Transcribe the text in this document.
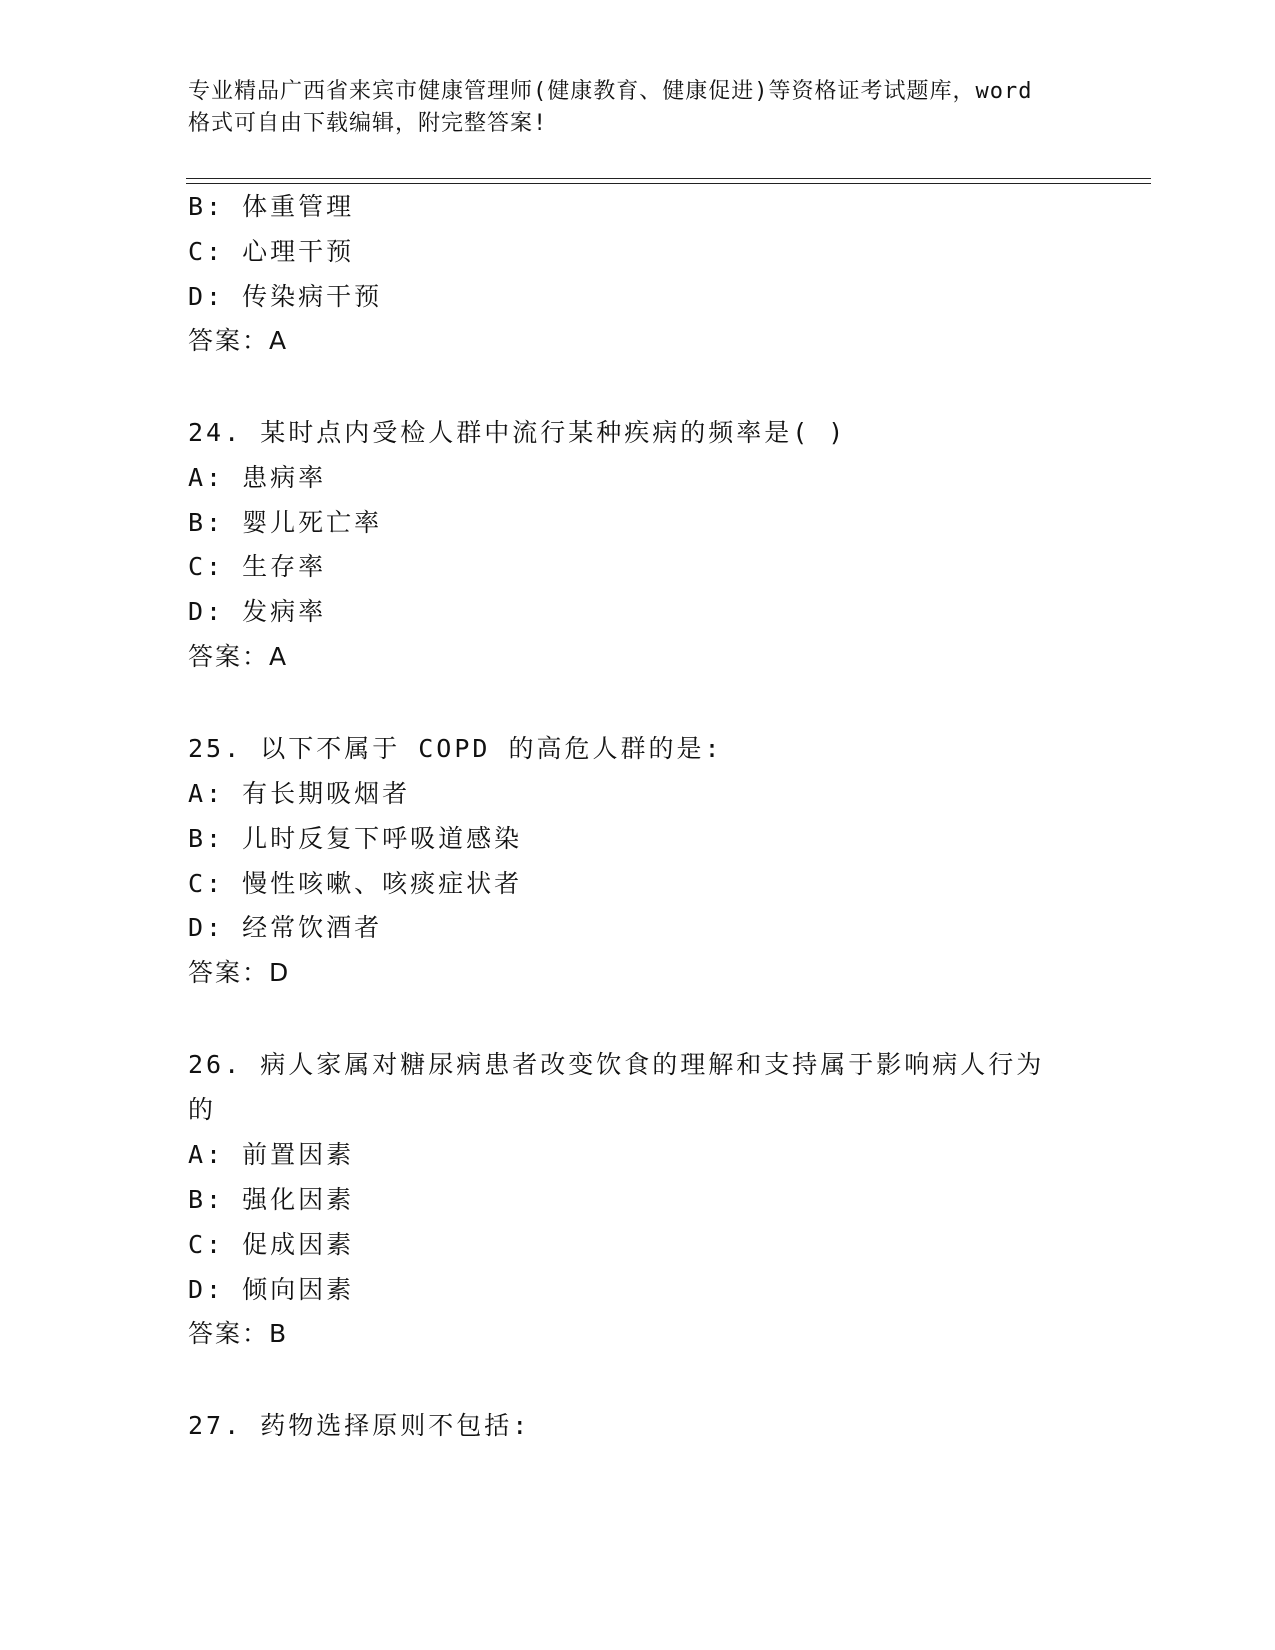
专业精品广西省来宾市健康管理师(健康教育、健康促进)等资格证考试题库，word
格式可自由下载编辑，附完整答案!
B: 体重管理
C: 心理干预
D: 传染病干预
答案：A
24. 某时点内受检人群中流行某种疾病的频率是( )
A: 患病率
B: 婴儿死亡率
C: 生存率
D: 发病率
答案：A
25. 以下不属于 COPD 的高危人群的是:
A: 有长期吸烟者
B: 儿时反复下呼吸道感染
C: 慢性咳嗽、咳痰症状者
D: 经常饮酒者
答案：D
26. 病人家属对糖尿病患者改变饮食的理解和支持属于影响病人行为
的
A: 前置因素
B: 强化因素
C: 促成因素
D: 倾向因素
答案：B
27. 药物选择原则不包括:
